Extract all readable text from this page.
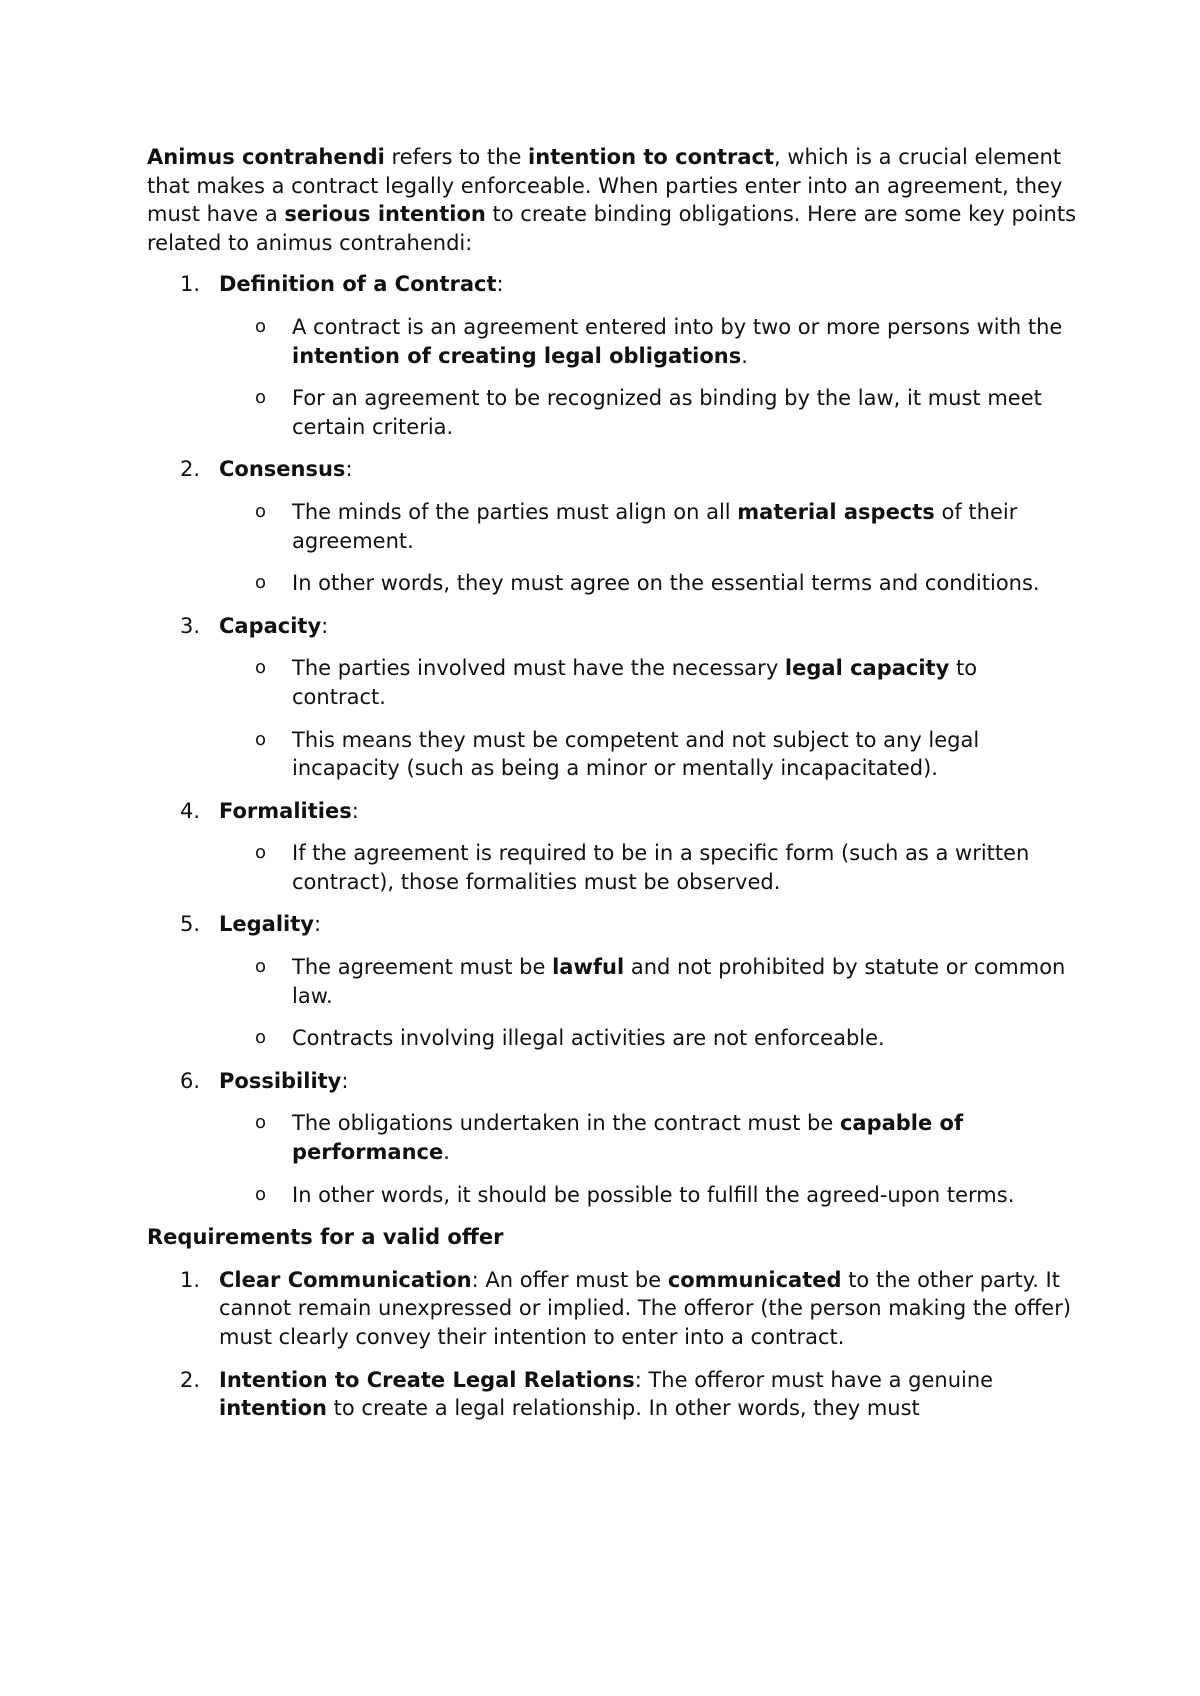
Animus contrahendi refers to the intention to contract, which is a crucial element that makes a contract legally enforceable. When parties enter into an agreement, they must have a serious intention to create binding obligations. Here are some key points related to animus contrahendi:

1. Definition of a Contract:
o A contract is an agreement entered into by two or more persons with the intention of creating legal obligations.
o For an agreement to be recognized as binding by the law, it must meet certain criteria.
2. Consensus:
o The minds of the parties must align on all material aspects of their agreement.
o In other words, they must agree on the essential terms and conditions.
3. Capacity:
o The parties involved must have the necessary legal capacity to contract.
o This means they must be competent and not subject to any legal incapacity (such as being a minor or mentally incapacitated).
4. Formalities:
o If the agreement is required to be in a specific form (such as a written contract), those formalities must be observed.
5. Legality:
o The agreement must be lawful and not prohibited by statute or common law.
o Contracts involving illegal activities are not enforceable.
6. Possibility:
o The obligations undertaken in the contract must be capable of performance.
o In other words, it should be possible to fulfill the agreed-upon terms.
Requirements for a valid offer
1. Clear Communication: An offer must be communicated to the other party. It cannot remain unexpressed or implied. The offeror (the person making the offer) must clearly convey their intention to enter into a contract.
2. Intention to Create Legal Relations: The offeror must have a genuine intention to create a legal relationship. In other words, they must
